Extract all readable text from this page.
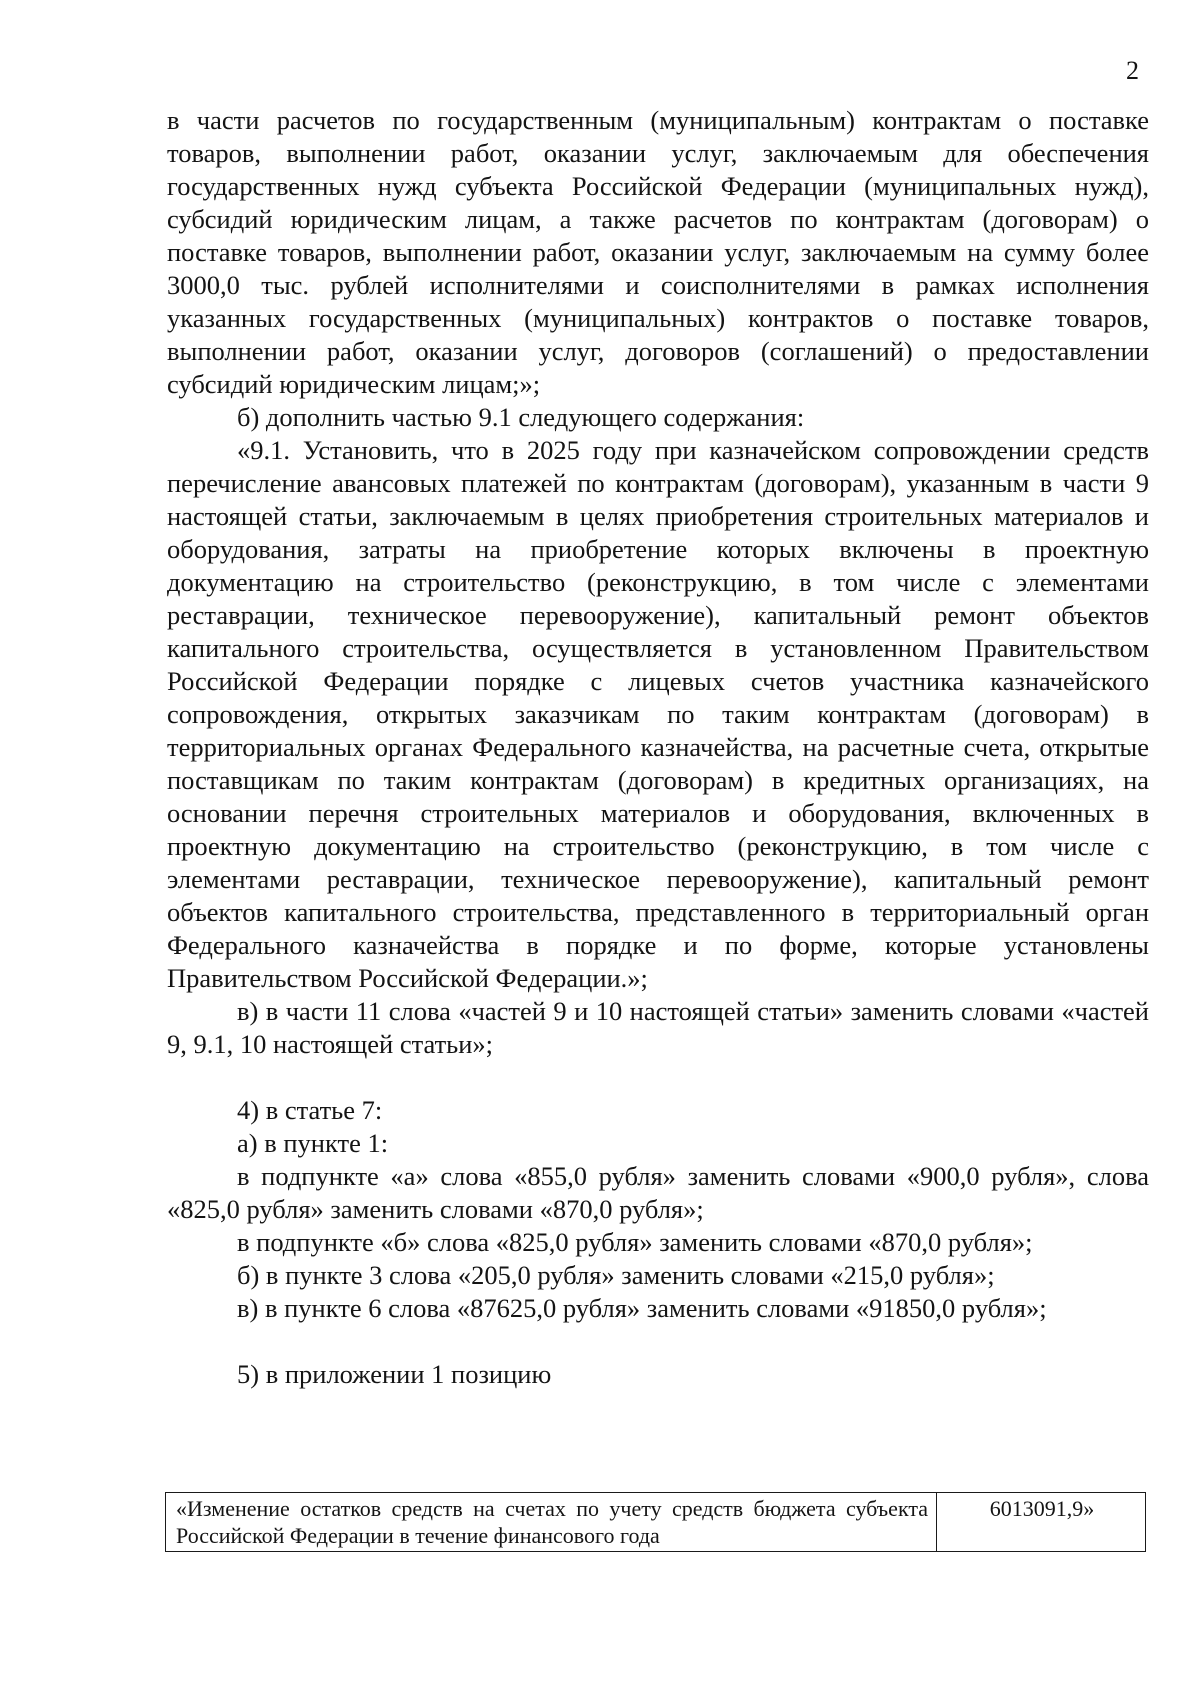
2

в части расчетов по государственным (муниципальным) контрактам о поставке товаров, выполнении работ, оказании услуг, заключаемым для обеспечения государственных нужд субъекта Российской Федерации (муниципальных нужд), субсидий юридическим лицам, а также расчетов по контрактам (договорам) о поставке товаров, выполнении работ, оказании услуг, заключаемым на сумму более 3000,0 тыс. рублей исполнителями и соисполнителями в рамках исполнения указанных государственных (муниципальных) контрактов о поставке товаров, выполнении работ, оказании услуг, договоров (соглашений) о предоставлении субсидий юридическим лицам;»;

б) дополнить частью 9.1 следующего содержания:

«9.1. Установить, что в 2025 году при казначейском сопровождении средств перечисление авансовых платежей по контрактам (договорам), указанным в части 9 настоящей статьи, заключаемым в целях приобретения строительных материалов и оборудования, затраты на приобретение которых включены в проектную документацию на строительство (реконструкцию, в том числе с элементами реставрации, техническое перевооружение), капитальный ремонт объектов капитального строительства, осуществляется в установленном Правительством Российской Федерации порядке с лицевых счетов участника казначейского сопровождения, открытых заказчикам по таким контрактам (договорам) в территориальных органах Федерального казначейства, на расчетные счета, открытые поставщикам по таким контрактам (договорам) в кредитных организациях, на основании перечня строительных материалов и оборудования, включенных в проектную документацию на строительство (реконструкцию, в том числе с элементами реставрации, техническое перевооружение), капитальный ремонт объектов капитального строительства, представленного в территориальный орган Федерального казначейства в порядке и по форме, которые установлены Правительством Российской Федерации.»;

в) в части 11 слова «частей 9 и 10 настоящей статьи» заменить словами «частей 9, 9.1, 10 настоящей статьи»;

4) в статье 7:

а) в пункте 1:

в подпункте «а» слова «855,0 рубля» заменить словами «900,0 рубля», слова «825,0 рубля» заменить словами «870,0 рубля»;

в подпункте «б» слова «825,0 рубля» заменить словами «870,0 рубля»;

б) в пункте 3 слова «205,0 рубля» заменить словами «215,0 рубля»;

в) в пункте 6 слова «87625,0 рубля» заменить словами «91850,0 рубля»;

5) в приложении 1 позицию

«Изменение остатков средств на счетах по учету средств бюджета субъекта Российской Федерации в течение финансового года	6013091,9»
